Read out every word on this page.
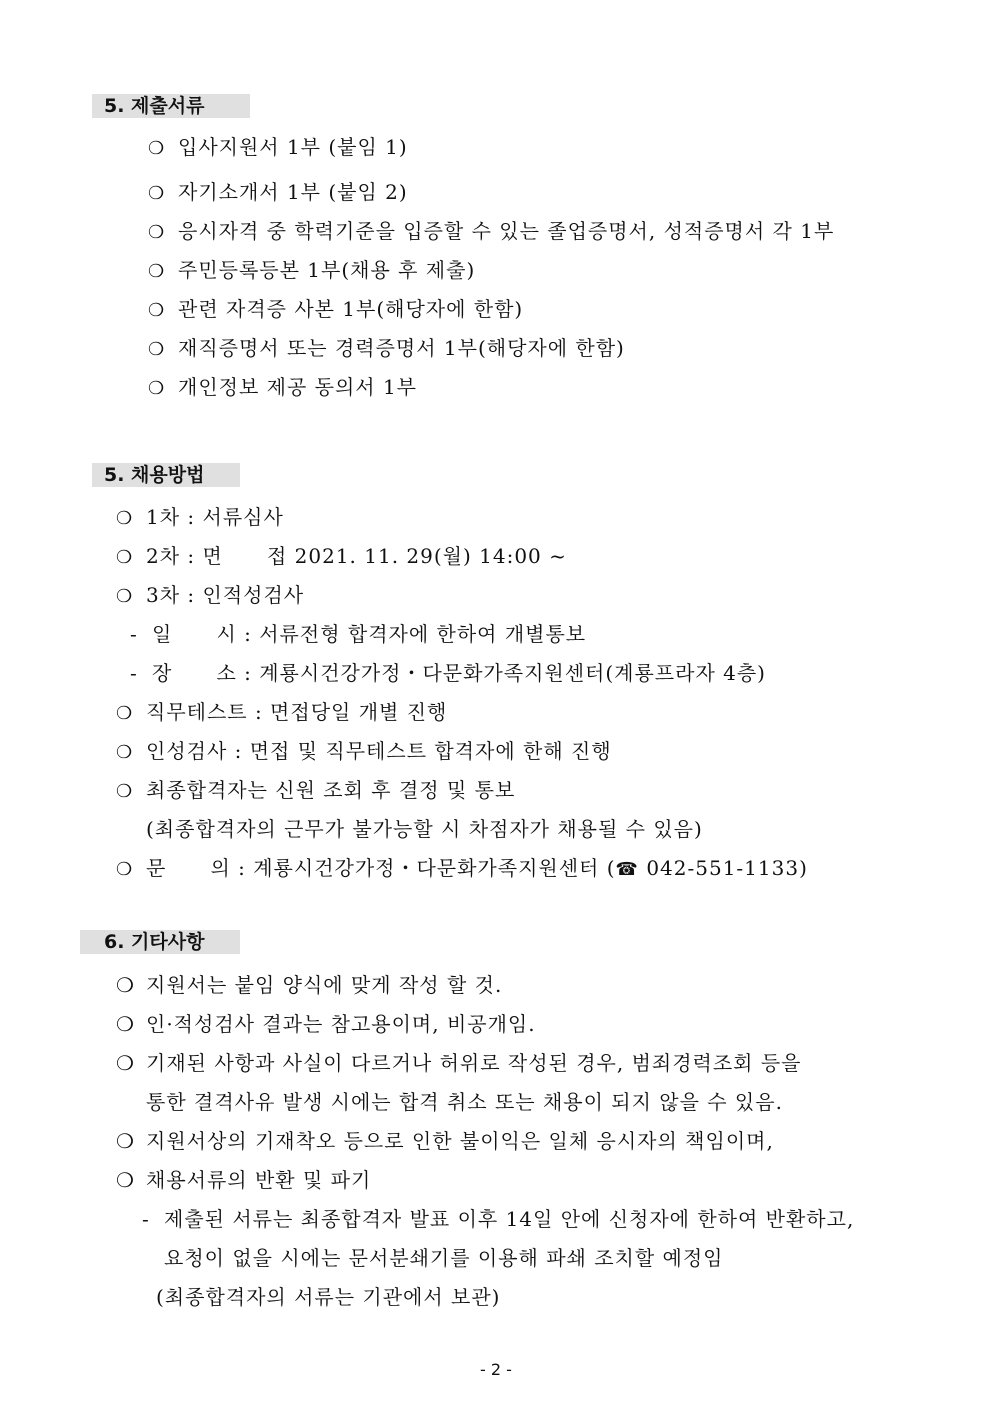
5. 제출서류
❍ 입사지원서 1부 (붙임 1)
❍ 자기소개서 1부 (붙임 2)
❍ 응시자격 중 학력기준을 입증할 수 있는 졸업증명서, 성적증명서 각 1부
❍ 주민등록등본 1부(채용 후 제출)
❍ 관련 자격증 사본 1부(해당자에 한함)
❍ 재직증명서 또는 경력증명서 1부(해당자에 한함)
❍ 개인정보 제공 동의서 1부
5. 채용방법
❍ 1차 : 서류심사
❍ 2차 : 면      접 2021. 11. 29(월) 14:00 ~
❍ 3차 : 인적성검사
- 일      시 : 서류전형 합격자에 한하여 개별통보
- 장      소 : 계룡시건강가정・다문화가족지원센터(계룡프라자 4층)
❍ 직무테스트 : 면접당일 개별 진행
❍ 인성검사 : 면접 및 직무테스트 합격자에 한해 진행
❍ 최종합격자는 신원 조회 후 결정 및 통보
(최종합격자의 근무가 불가능할 시 차점자가 채용될 수 있음)
❍ 문      의 : 계룡시건강가정・다문화가족지원센터 (☎ 042-551-1133)
6. 기타사항
❍ 지원서는 붙임 양식에 맞게 작성 할 것.
❍ 인·적성검사 결과는 참고용이며, 비공개임.
❍ 기재된 사항과 사실이 다르거나 허위로 작성된 경우, 범죄경력조회 등을
통한 결격사유 발생 시에는 합격 취소 또는 채용이 되지 않을 수 있음.
❍ 지원서상의 기재착오 등으로 인한 불이익은 일체 응시자의 책임이며,
❍ 채용서류의 반환 및 파기
- 제출된 서류는 최종합격자 발표 이후 14일 안에 신청자에 한하여 반환하고,
요청이 없을 시에는 문서분쇄기를 이용해 파쇄 조치할 예정임
(최종합격자의 서류는 기관에서 보관)
- 2 -
